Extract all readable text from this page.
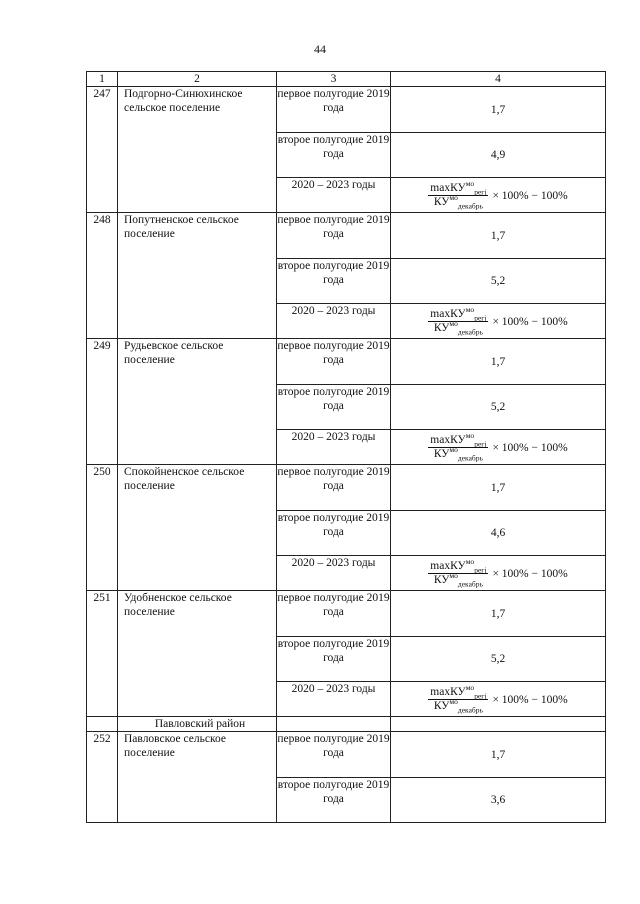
44
1	2	3	4
247	Подгорно-Синюхинское сельское поселение	первое полугодие 2019 года	1,7
		второе полугодие 2019 года	4,9
		2020 – 2023 годы	$\frac{\max КУ^{мо}_{регj}}{КУ^{мо}_{декабрь}} \times 100\% - 100\%$

248	Попутненское сельское поселение	первое полугодие 2019 года	1,7
		второе полугодие 2019 года	5,2
		2020 – 2023 годы	$\frac{\max КУ^{мо}_{регj}}{КУ^{мо}_{декабрь}} \times 100\% - 100\%$

249	Рудьевское сельское поселение	первое полугодие 2019 года	1,7
		второе полугодие 2019 года	5,2
		2020 – 2023 годы	$\frac{\max КУ^{мо}_{регj}}{КУ^{мо}_{декабрь}} \times 100\% - 100\%$

250	Спокойненское сельское поселение	первое полугодие 2019 года	1,7
		второе полугодие 2019 года	4,6
		2020 – 2023 годы	$\frac{\max КУ^{мо}_{регj}}{КУ^{мо}_{декабрь}} \times 100\% - 100\%$

251	Удобненское сельское поселение	первое полугодие 2019 года	1,7
		второе полугодие 2019 года	5,2
		2020 – 2023 годы	$\frac{\max КУ^{мо}_{регj}}{КУ^{мо}_{декабрь}} \times 100\% - 100\%$

	Павловский район		
252	Павловское сельское поселение	первое полугодие 2019 года	1,7
		второе полугодие 2019 года	3,6
